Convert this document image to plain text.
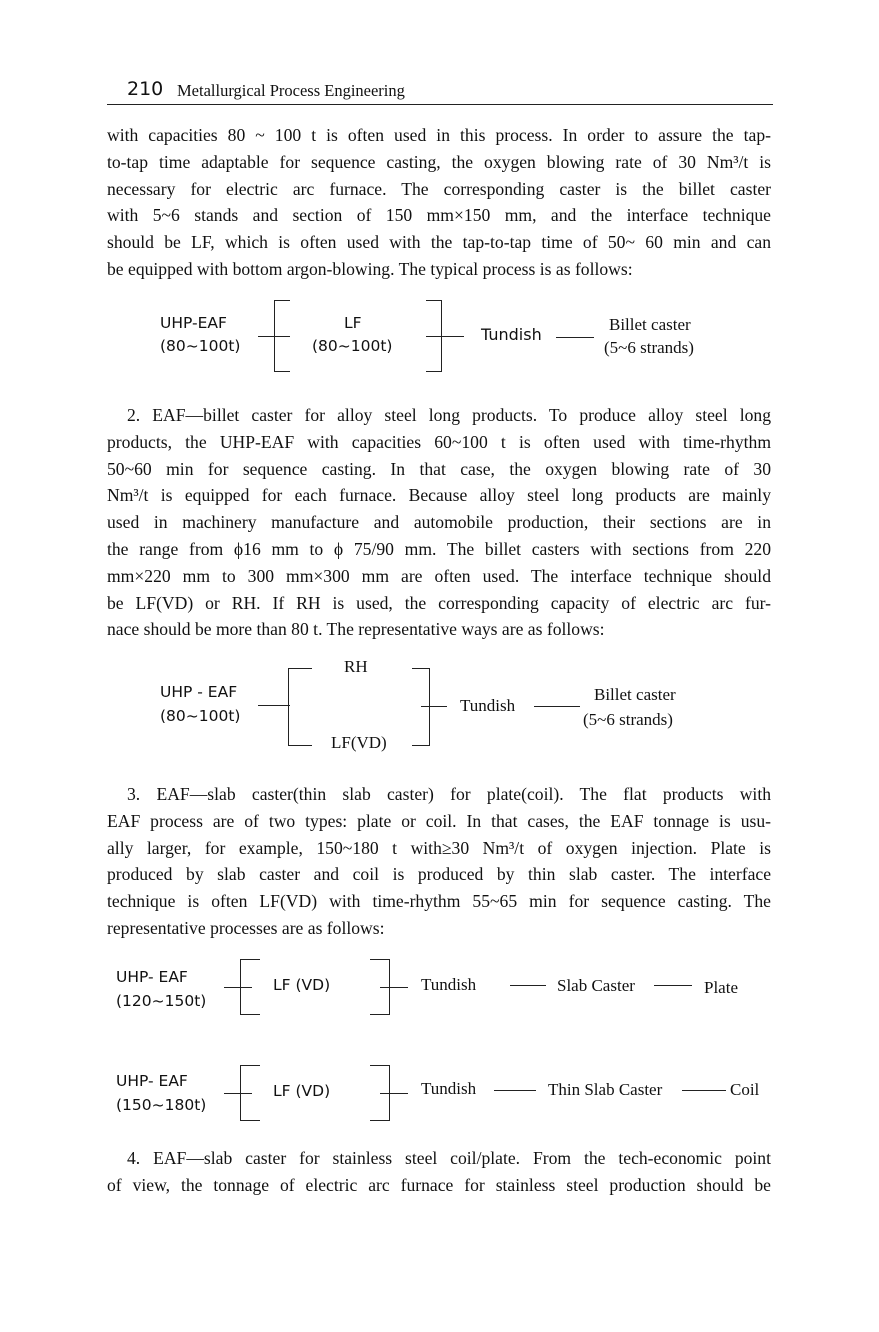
210 Metallurgical Process Engineering
with capacities 80 ~ 100 t is often used in this process. In order to assure the tap-
to-tap time adaptable for sequence casting, the oxygen blowing rate of 30 Nm³/t is
necessary for electric arc furnace. The corresponding caster is the billet caster
with 5~6 stands and section of 150 mm×150 mm, and the interface technique
should be LF, which is often used with the tap-to-tap time of 50~ 60 min and can
be equipped with bottom argon-blowing. The typical process is as follows:
UHP-EAF
(80~100t)
LF
(80~100t)
Tundish
Billet caster
(5~6 strands)
2. EAF—billet caster for alloy steel long products. To produce alloy steel long
products, the UHP-EAF with capacities 60~100 t is often used with time-rhythm
50~60 min for sequence casting. In that case, the oxygen blowing rate of 30
Nm³/t is equipped for each furnace. Because alloy steel long products are mainly
used in machinery manufacture and automobile production, their sections are in
the range from ϕ16 mm to ϕ 75/90 mm. The billet casters with sections from 220
mm×220 mm to 300 mm×300 mm are often used. The interface technique should
be LF(VD) or RH. If RH is used, the corresponding capacity of electric arc fur-
nace should be more than 80 t. The representative ways are as follows:
UHP - EAF
(80~100t)
RH
LF(VD)
Tundish
Billet caster
(5~6 strands)
3. EAF—slab caster(thin slab caster) for plate(coil). The flat products with
EAF process are of two types: plate or coil. In that cases, the EAF tonnage is usu-
ally larger, for example, 150~180 t with≥30 Nm³/t of oxygen injection. Plate is
produced by slab caster and coil is produced by thin slab caster. The interface
technique is often LF(VD) with time-rhythm 55~65 min for sequence casting. The
representative processes are as follows:
UHP- EAF
(120~150t)
LF (VD)	Tundish	Slab Caster	Plate
UHP- EAF
(150~180t)
LF (VD)	Tundish	Thin Slab Caster	Coil
4. EAF—slab caster for stainless steel coil/plate. From the tech-economic point
of view, the tonnage of electric arc furnace for stainless steel production should be
